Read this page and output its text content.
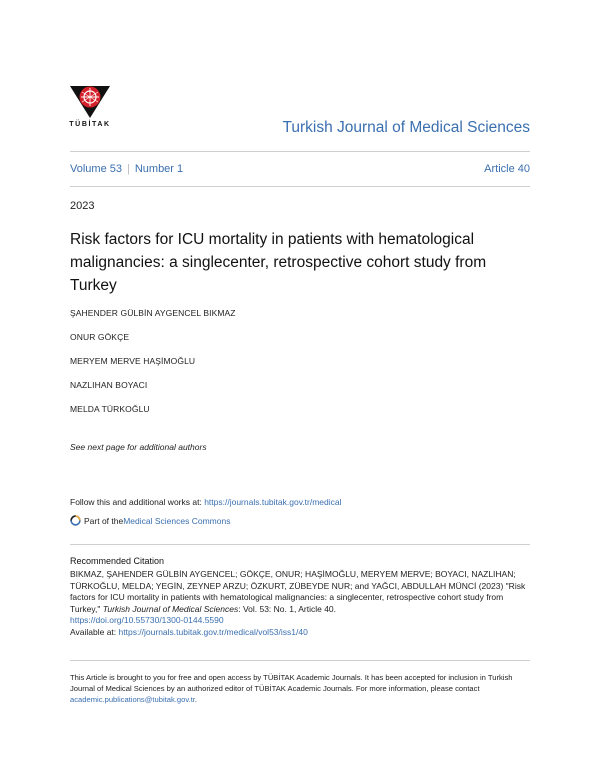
TÜBİTAK	Turkish Journal of Medical Sciences
Volume 53 | Number 1	Article 40
2023
Risk factors for ICU mortality in patients with hematological malignancies: a singlecenter, retrospective cohort study from Turkey
ŞAHENDER GÜLBİN AYGENCEL BIKMAZ
ONUR GÖKÇE
MERYEM MERVE HAŞİMOĞLU
NAZLIHAN BOYACI
MELDA TÜRKOĞLU
See next page for additional authors
Follow this and additional works at: https://journals.tubitak.gov.tr/medical
Part of the Medical Sciences Commons
Recommended Citation
BIKMAZ, ŞAHENDER GÜLBİN AYGENCEL; GÖKÇE, ONUR; HAŞİMOĞLU, MERYEM MERVE; BOYACI, NAZLIHAN; TÜRKOĞLU, MELDA; YEGİN, ZEYNEP ARZU; ÖZKURT, ZÜBEYDE NUR; and YAĞCI, ABDULLAH MÜNCİ (2023) "Risk factors for ICU mortality in patients with hematological malignancies: a singlecenter, retrospective cohort study from Turkey," Turkish Journal of Medical Sciences: Vol. 53: No. 1, Article 40.
https://doi.org/10.55730/1300-0144.5590
Available at: https://journals.tubitak.gov.tr/medical/vol53/iss1/40
This Article is brought to you for free and open access by TÜBİTAK Academic Journals. It has been accepted for inclusion in Turkish Journal of Medical Sciences by an authorized editor of TÜBİTAK Academic Journals. For more information, please contact academic.publications@tubitak.gov.tr.
